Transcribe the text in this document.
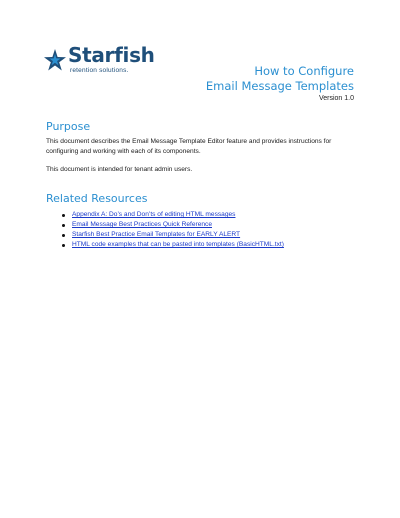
Starfish
retention solutions.	How to Configure
Email Message Templates
Version 1.0
Purpose
This document describes the Email Message Template Editor feature and provides instructions for configuring and working with each of its components.
This document is intended for tenant admin users.
Related Resources
Appendix A: Do’s and Don’ts of editing HTML messages
Email Message Best Practices Quick Reference
Starfish Best Practice Email Templates for EARLY ALERT
HTML code examples that can be pasted into templates (BasicHTML.txt)
